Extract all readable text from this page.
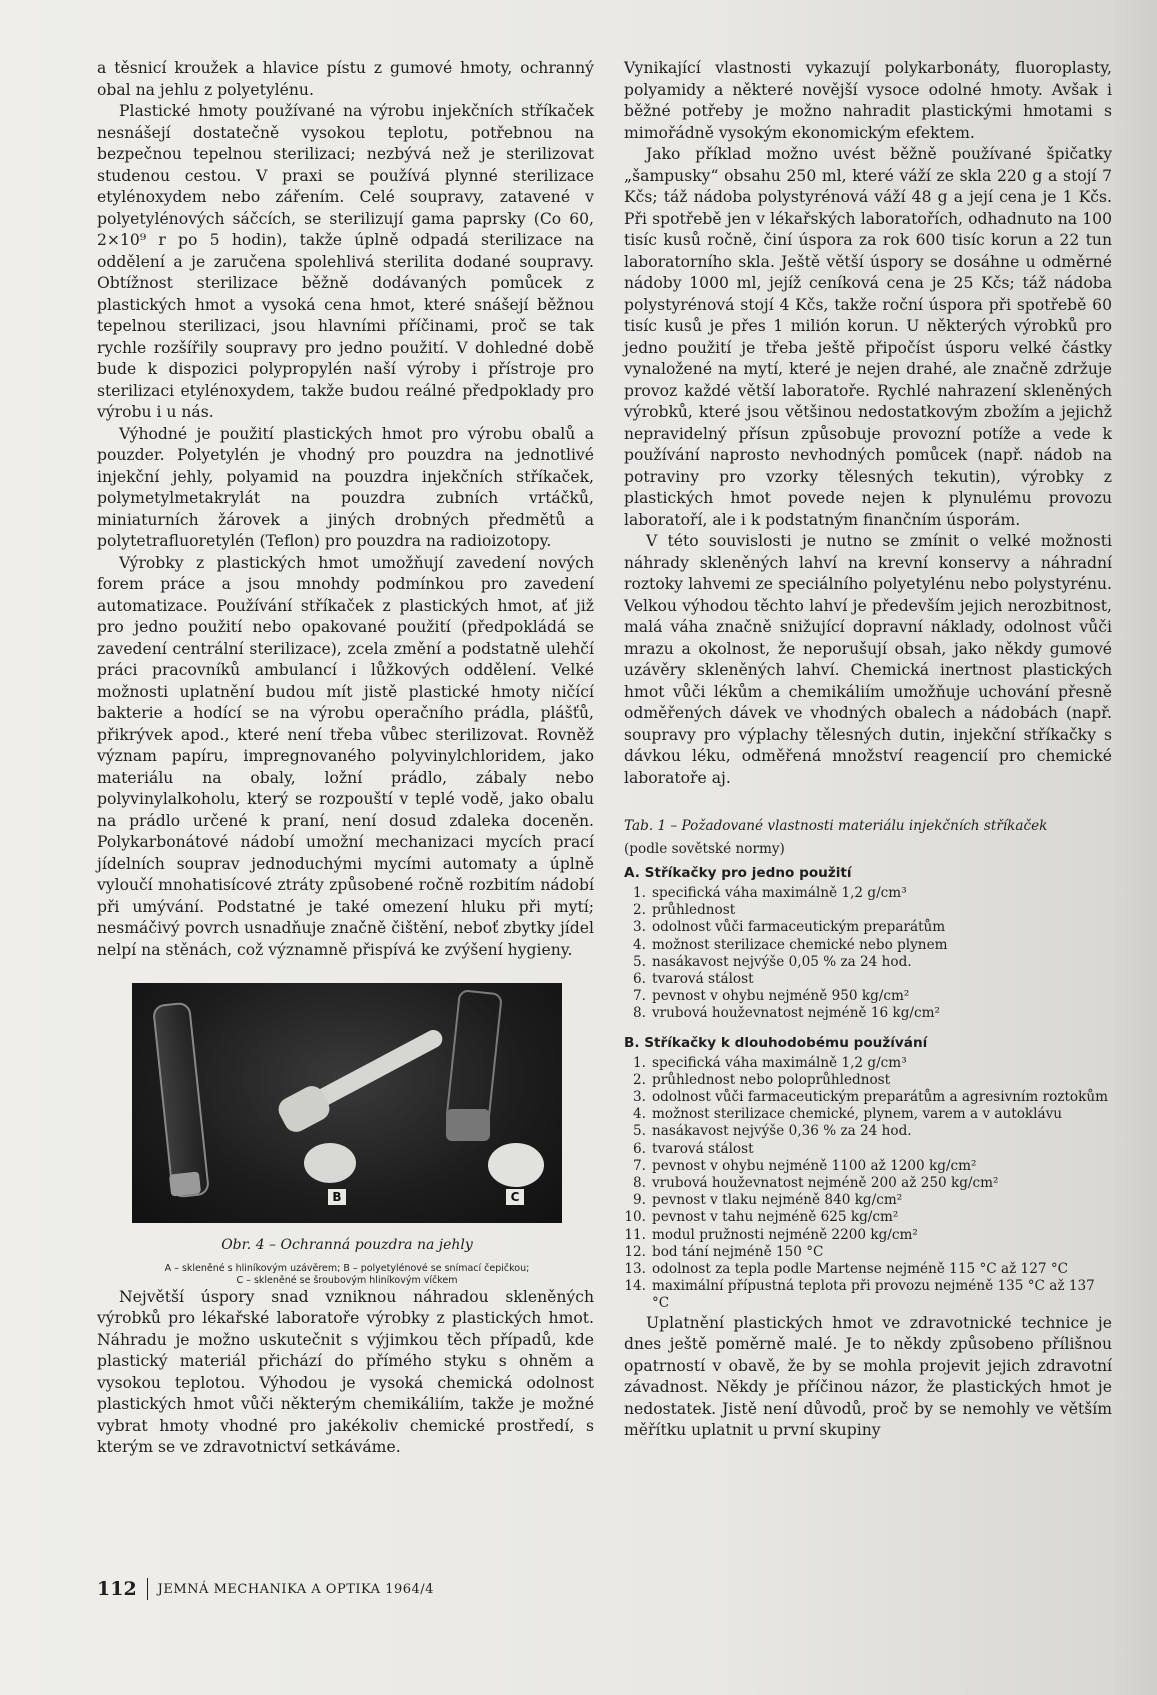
a těsnicí kroužek a hlavice pístu z gumové hmoty, ochranný obal na jehlu z polyetylénu.

Plastické hmoty používané na výrobu injekčních stříkaček nesnášejí dostatečně vysokou teplotu, potřebnou na bezpečnou tepelnou sterilizaci; nezbývá než je sterilizovat studenou cestou. V praxi se používá plynné sterilizace etylénoxydem nebo zářením. Celé soupravy, zatavené v polyetylénových sáčcích, se sterilizují gama paprsky (Co 60, 2×10⁹ r po 5 hodin), takže úplně odpadá sterilizace na oddělení a je zaručena spolehlivá sterilita dodané soupravy. Obtížnost sterilizace běžně dodávaných pomůcek z plastických hmot a vysoká cena hmot, které snášejí běžnou tepelnou sterilizaci, jsou hlavními příčinami, proč se tak rychle rozšířily soupravy pro jedno použití. V dohledné době bude k dispozici polypropylén naší výroby i přístroje pro sterilizaci etylénoxydem, takže budou reálné předpoklady pro výrobu i u nás.

Výhodné je použití plastických hmot pro výrobu obalů a pouzder. Polyetylén je vhodný pro pouzdra na jednotlivé injekční jehly, polyamid na pouzdra injekčních stříkaček, polymetylmetakrylát na pouzdra zubních vrtáčků, miniaturních žárovek a jiných drobných předmětů a polytetrafluoretylén (Teflon) pro pouzdra na radioizotopy.

Výrobky z plastických hmot umožňují zavedení nových forem práce a jsou mnohdy podmínkou pro zavedení automatizace. Používání stříkaček z plastických hmot, ať již pro jedno použití nebo opakované použití (předpokládá se zavedení centrální sterilizace), zcela změní a podstatně ulehčí práci pracovníků ambulancí i lůžkových oddělení. Velké možnosti uplatnění budou mít jistě plastické hmoty ničící bakterie a hodící se na výrobu operačního prádla, plášťů, přikrývek apod., které není třeba vůbec sterilizovat. Rovněž význam papíru, impregnovaného polyvinylchloridem, jako materiálu na obaly, ložní prádlo, zábaly nebo polyvinylalkoholu, který se rozpouští v teplé vodě, jako obalu na prádlo určené k praní, není dosud zdaleka doceněn. Polykarbonátové nádobí umožní mechanizaci mycích prací jídelních souprav jednoduchými mycími automaty a úplně vyloučí mnohatisícové ztráty způsobené ročně rozbitím nádobí při umývání. Podstatné je také omezení hluku při mytí; nesmáčivý povrch usnadňuje značně čištění, neboť zbytky jídel nelpí na stěnách, což významně přispívá ke zvýšení hygieny.

B	C
Obr. 4 – Ochranná pouzdra na jehly
A – skleněné s hliníkovým uzávěrem; B – polyetylénové se snímací čepičkou;
C – skleněné se šroubovým hliníkovým víčkem

Největší úspory snad vzniknou náhradou skleněných výrobků pro lékařské laboratoře výrobky z plastických hmot. Náhradu je možno uskutečnit s výjimkou těch případů, kde plastický materiál přichází do přímého styku s ohněm a vysokou teplotou. Výhodou je vysoká chemická odolnost plastických hmot vůči některým chemikáliím, takže je možné vybrat hmoty vhodné pro jakékoliv chemické prostředí, s kterým se ve zdravotnictví setkáváme.

Vynikající vlastnosti vykazují polykarbonáty, fluoroplasty, polyamidy a některé novější vysoce odolné hmoty. Avšak i běžné potřeby je možno nahradit plastickými hmotami s mimořádně vysokým ekonomickým efektem.

Jako příklad možno uvést běžně používané špičatky „šampusky“ obsahu 250 ml, které váží ze skla 220 g a stojí 7 Kčs; táž nádoba polystyrénová váží 48 g a její cena je 1 Kčs. Při spotřebě jen v lékařských laboratořích, odhadnuto na 100 tisíc kusů ročně, činí úspora za rok 600 tisíc korun a 22 tun laboratorního skla. Ještě větší úspory se dosáhne u odměrné nádoby 1000 ml, jejíž ceníková cena je 25 Kčs; táž nádoba polystyrénová stojí 4 Kčs, takže roční úspora při spotřebě 60 tisíc kusů je přes 1 milión korun. U některých výrobků pro jedno použití je třeba ještě připočíst úsporu velké částky vynaložené na mytí, které je nejen drahé, ale značně zdržuje provoz každé větší laboratoře. Rychlé nahrazení skleněných výrobků, které jsou většinou nedostatkovým zbožím a jejichž nepravidelný přísun způsobuje provozní potíže a vede k používání naprosto nevhodných pomůcek (např. nádob na potraviny pro vzorky tělesných tekutin), výrobky z plastických hmot povede nejen k plynulému provozu laboratoří, ale i k podstatným finančním úsporám.

V této souvislosti je nutno se zmínit o velké možnosti náhrady skleněných lahví na krevní konservy a náhradní roztoky lahvemi ze speciálního polyetylénu nebo polystyrénu. Velkou výhodou těchto lahví je především jejich nerozbitnost, malá váha značně snižující dopravní náklady, odolnost vůči mrazu a okolnost, že neporušují obsah, jako někdy gumové uzávěry skleněných lahví. Chemická inertnost plastických hmot vůči lékům a chemikáliím umožňuje uchování přesně odměřených dávek ve vhodných obalech a nádobách (např. soupravy pro výplachy tělesných dutin, injekční stříkačky s dávkou léku, odměřená množství reagencií pro chemické laboratoře aj.

Tab. 1 – Požadované vlastnosti materiálu injekčních stříkaček
(podle sovětské normy)
A. Stříkačky pro jedno použití
1. specifická váha maximálně 1,2 g/cm³
2. průhlednost
3. odolnost vůči farmaceutickým preparátům
4. možnost sterilizace chemické nebo plynem
5. nasákavost nejvýše 0,05 % za 24 hod.
6. tvarová stálost
7. pevnost v ohybu nejméně 950 kg/cm²
8. vrubová houževnatost nejméně 16 kg/cm²
B. Stříkačky k dlouhodobému používání
1. specifická váha maximálně 1,2 g/cm³
2. průhlednost nebo poloprůhlednost
3. odolnost vůči farmaceutickým preparátům a agresivním roztokům
4. možnost sterilizace chemické, plynem, varem a v autoklávu
5. nasákavost nejvýše 0,36 % za 24 hod.
6. tvarová stálost
7. pevnost v ohybu nejméně 1100 až 1200 kg/cm²
8. vrubová houževnatost nejméně 200 až 250 kg/cm²
9. pevnost v tlaku nejméně 840 kg/cm²
10. pevnost v tahu nejméně 625 kg/cm²
11. modul pružnosti nejméně 2200 kg/cm²
12. bod tání nejméně 150 °C
13. odolnost za tepla podle Martense nejméně 115 °C až 127 °C
14. maximální přípustná teplota při provozu nejméně 135 °C až 137 °C

Uplatnění plastických hmot ve zdravotnické technice je dnes ještě poměrně malé. Je to někdy způsobeno přílišnou opatrností v obavě, že by se mohla projevit jejich zdravotní závadnost. Někdy je příčinou názor, že plastických hmot je nedostatek. Jistě není důvodů, proč by se nemohly ve větším měřítku uplatnit u první skupiny

112 JEMNÁ MECHANIKA A OPTIKA 1964/4
